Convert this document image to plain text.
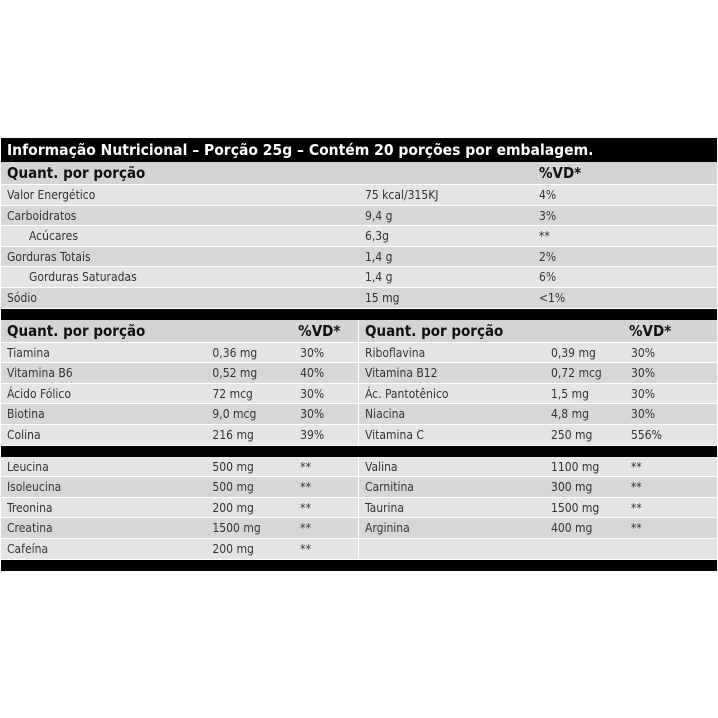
Informação Nutricional – Porção 25g – Contém 20 porções por embalagem.
Quant. por porção	%VD*
Valor Energético	75 kcal/315KJ	4%
Carboidratos	9,4 g	3%
Acúcares	6,3g	**
Gorduras Totais	1,4 g	2%
Gorduras Saturadas	1,4 g	6%
Sódio	15 mg	<1%
Quant. por porção	%VD*
Tiamina	0,36 mg	30%
Vitamina B6	0,52 mg	40%
Ácido Fólico	72 mcg	30%
Biotina	9,0 mcg	30%
Colina	216 mg	39%
Quant. por porção	%VD*
Riboflavina	0,39 mg	30%
Vitamina B12	0,72 mcg	30%
Ác. Pantotênico	1,5 mg	30%
Niacina	4,8 mg	30%
Vitamina C	250 mg	556%
Leucina	500 mg	**
Isoleucina	500 mg	**
Treonina	200 mg	**
Creatina	1500 mg	**
Cafeína	200 mg	**
Valina	1100 mg	**
Carnitina	300 mg	**
Taurina	1500 mg	**
Arginina	400 mg	**
